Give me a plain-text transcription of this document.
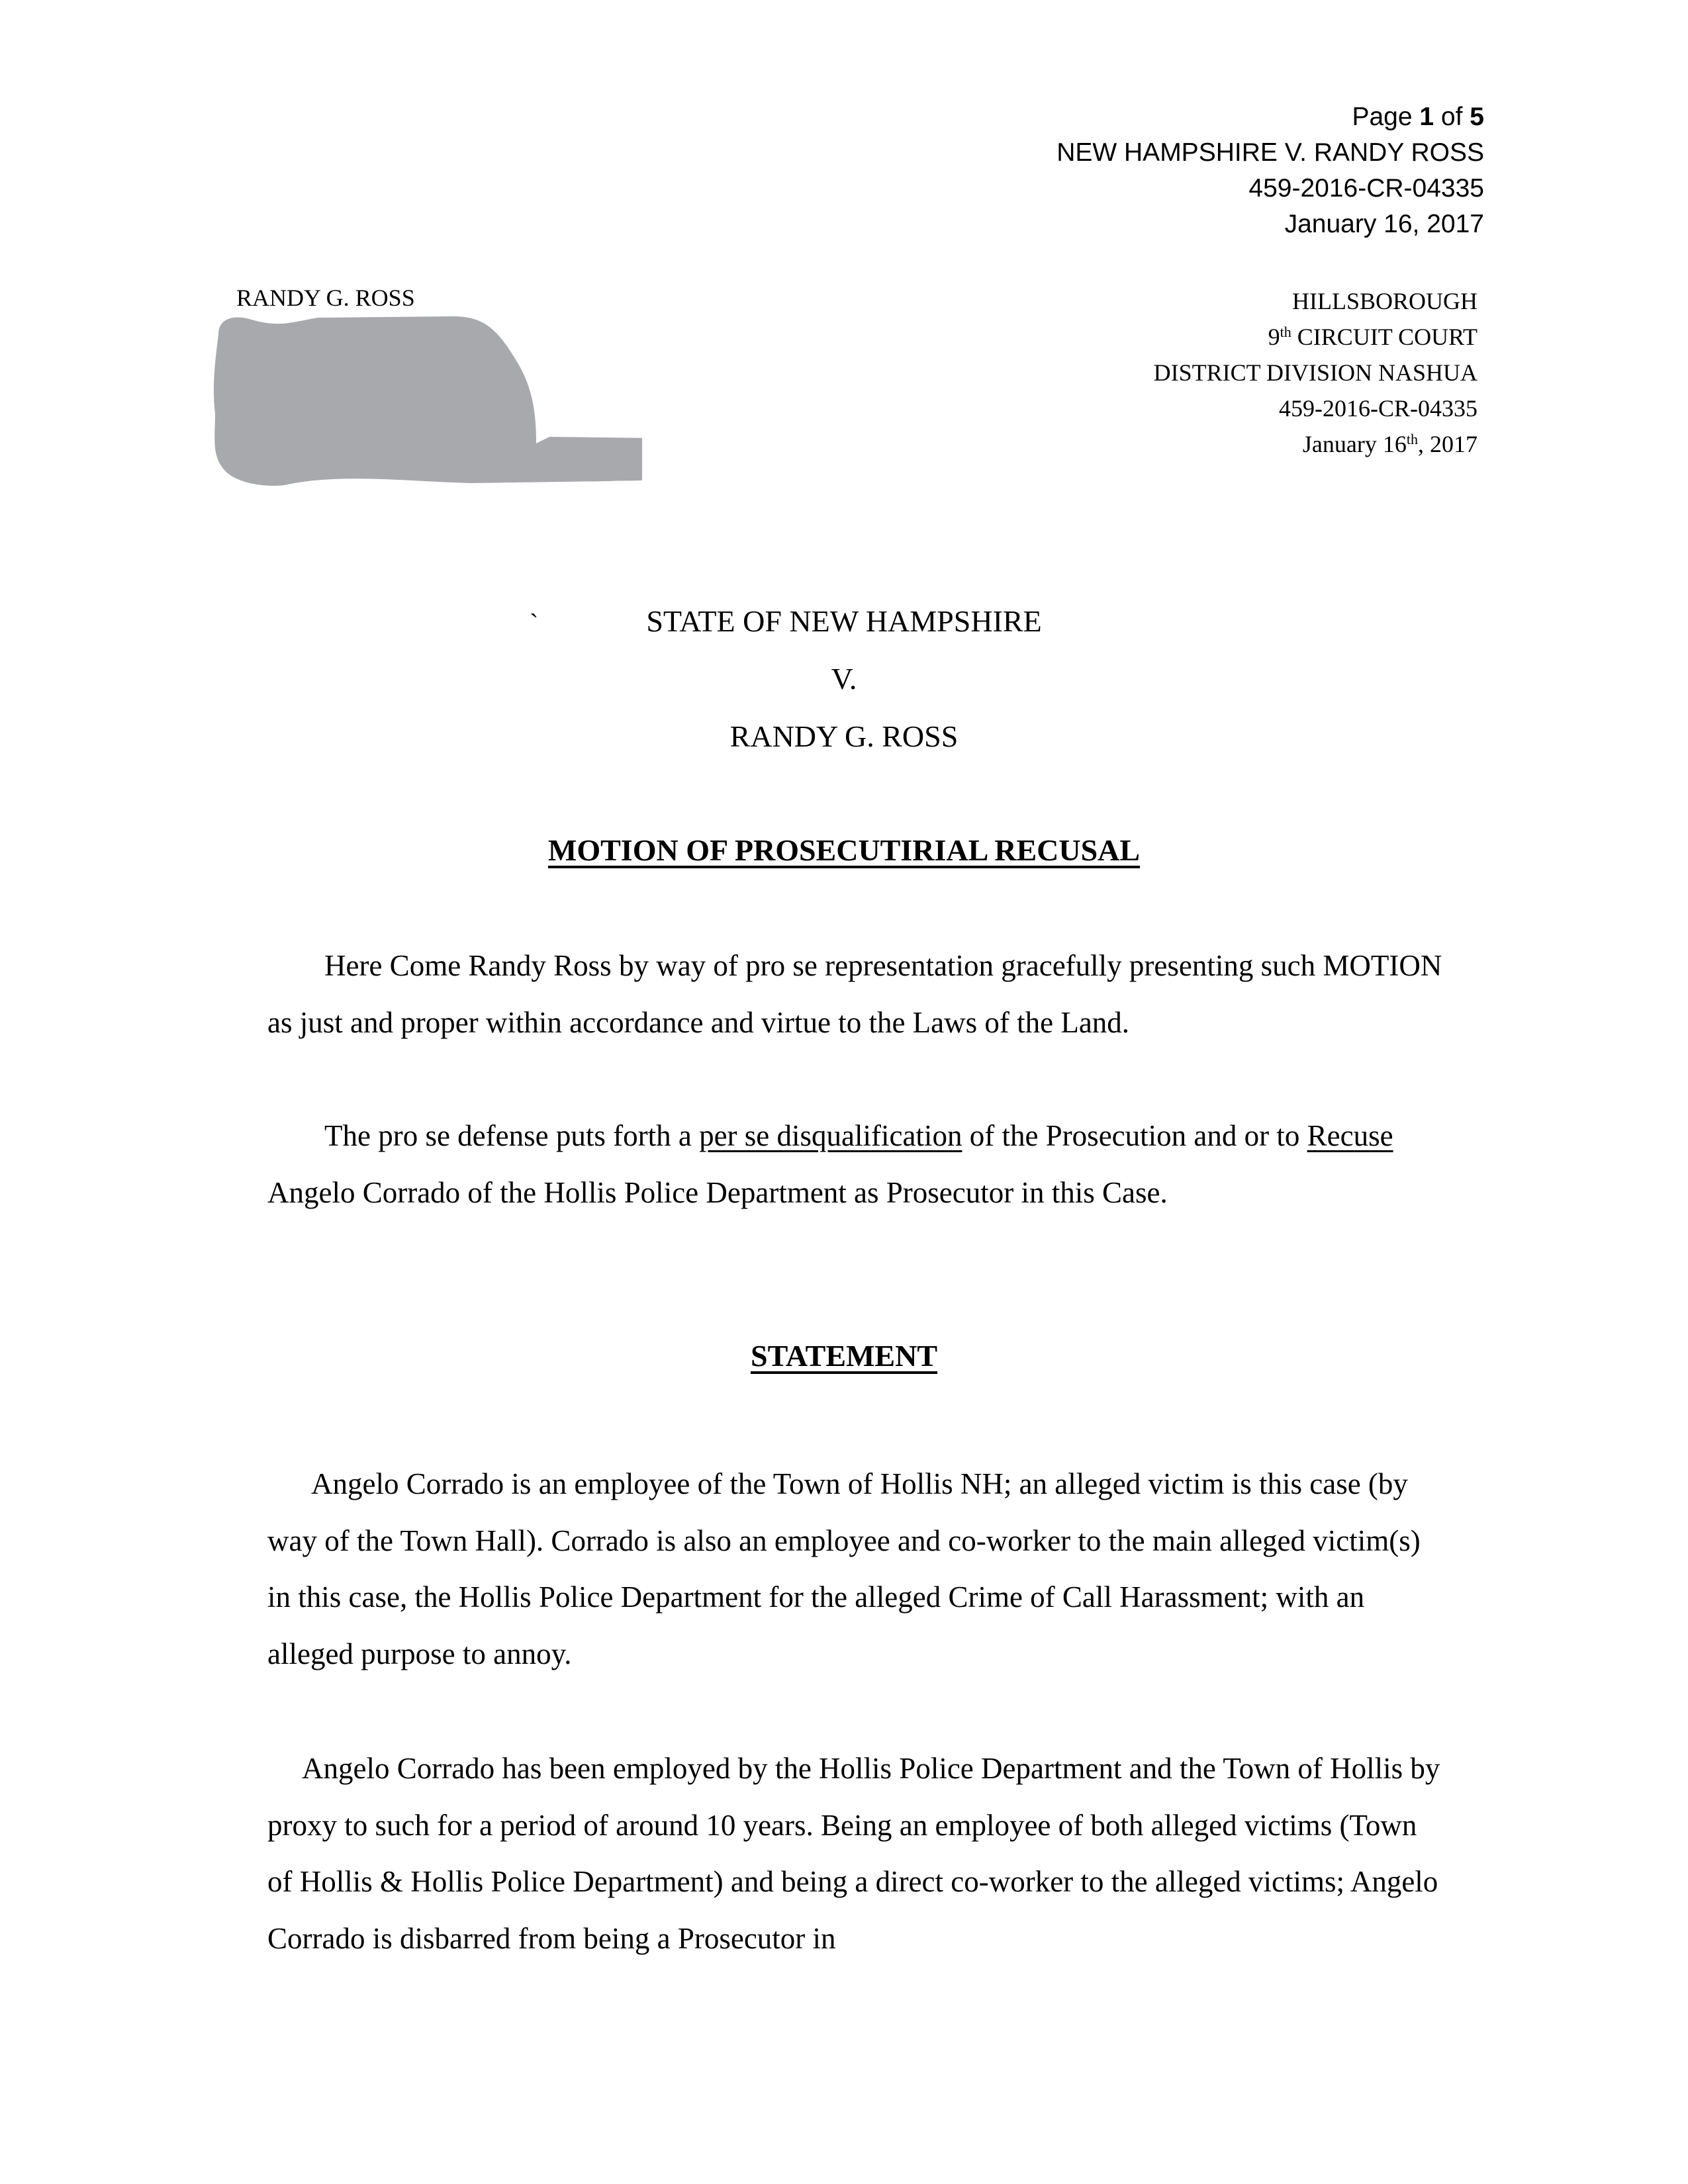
Page 1 of 5
NEW HAMPSHIRE V. RANDY ROSS
459-2016-CR-04335
January 16, 2017
RANDY G. ROSS	HILLSBOROUGH
9th CIRCUIT COURT
DISTRICT DIVISION NASHUA
459-2016-CR-04335
January 16th, 2017
`	STATE OF NEW HAMPSHIRE
V.
RANDY G. ROSS
MOTION OF PROSECUTIRIAL RECUSAL
Here Come Randy Ross by way of pro se representation gracefully presenting such MOTION as just and proper within accordance and virtue to the Laws of the Land.
The pro se defense puts forth a per se disqualification of the Prosecution and or to Recuse Angelo Corrado of the Hollis Police Department as Prosecutor in this Case.
STATEMENT
Angelo Corrado is an employee of the Town of Hollis NH; an alleged victim is this case (by way of the Town Hall). Corrado is also an employee and co-worker to the main alleged victim(s) in this case, the Hollis Police Department for the alleged Crime of Call Harassment; with an alleged purpose to annoy.
Angelo Corrado has been employed by the Hollis Police Department and the Town of Hollis by proxy to such for a period of around 10 years. Being an employee of both alleged victims (Town of Hollis & Hollis Police Department) and being a direct co-worker to the alleged victims; Angelo Corrado is disbarred from being a Prosecutor in
